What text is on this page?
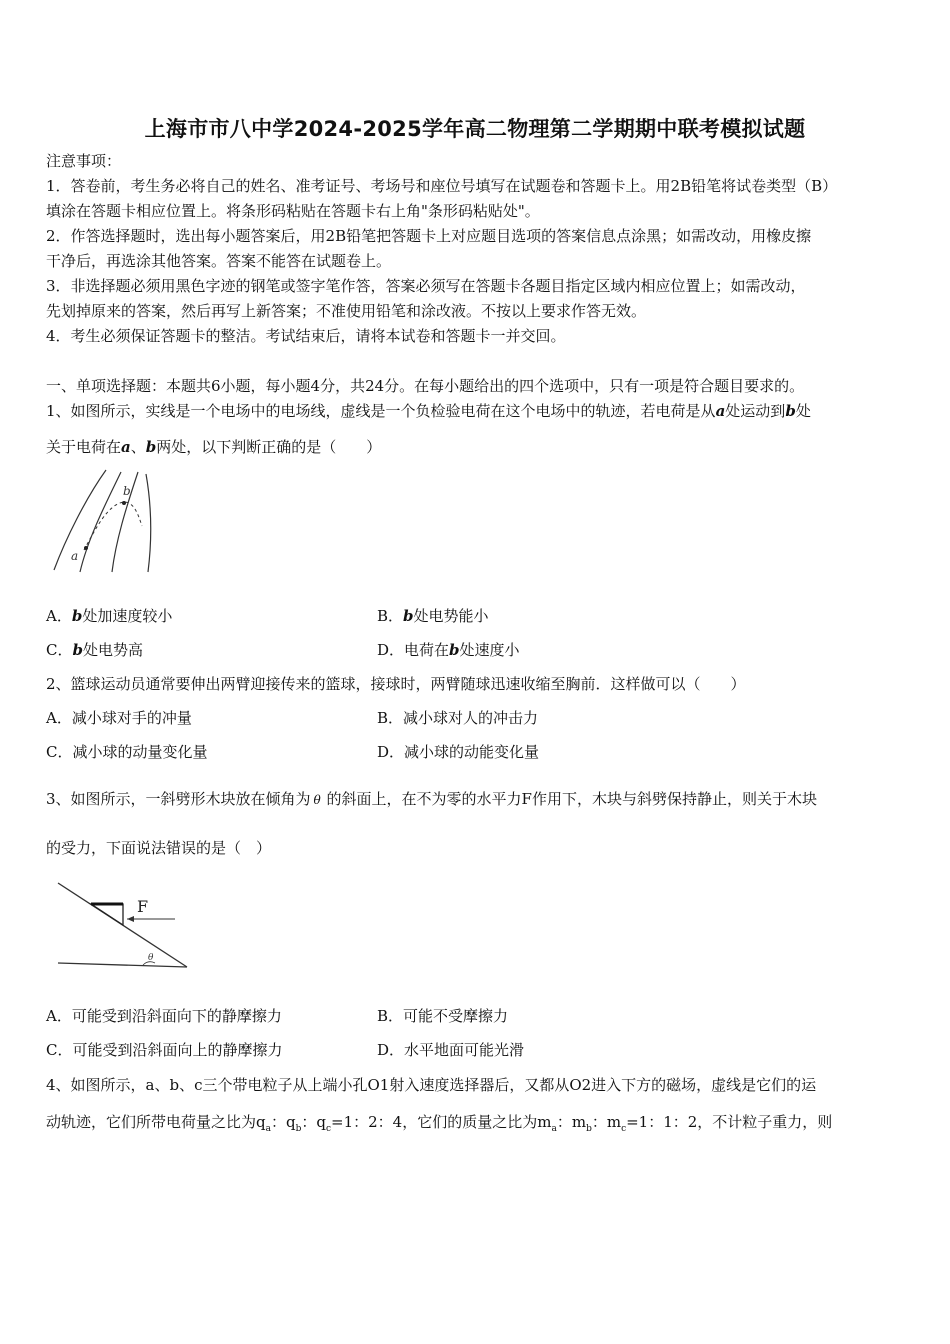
上海市市八中学2024-2025学年高二物理第二学期期中联考模拟试题
注意事项：
1．答卷前，考生务必将自己的姓名、准考证号、考场号和座位号填写在试题卷和答题卡上。用2B铅笔将试卷类型（B）
填涂在答题卡相应位置上。将条形码粘贴在答题卡右上角"条形码粘贴处"。
2．作答选择题时，选出每小题答案后，用2B铅笔把答题卡上对应题目选项的答案信息点涂黑；如需改动，用橡皮擦
干净后，再选涂其他答案。答案不能答在试题卷上。
3．非选择题必须用黑色字迹的钢笔或签字笔作答，答案必须写在答题卡各题目指定区域内相应位置上；如需改动，
先划掉原来的答案，然后再写上新答案；不准使用铅笔和涂改液。不按以上要求作答无效。
4．考生必须保证答题卡的整洁。考试结束后，请将本试卷和答题卡一并交回。
一、单项选择题：本题共6小题，每小题4分，共24分。在每小题给出的四个选项中，只有一项是符合题目要求的。
1、如图所示，实线是一个电场中的电场线，虚线是一个负检验电荷在这个电场中的轨迹，若电荷是从a处运动到b处
关于电荷在a、b两处，以下判断正确的是（　　）
a
b
A．b处加速度较小	B．b处电势能小
C．b处电势高	D．电荷在b处速度小
2、篮球运动员通常要伸出两臂迎接传来的篮球，接球时，两臂随球迅速收缩至胸前．这样做可以（　　）
A．减小球对手的冲量	B．减小球对人的冲击力
C．减小球的动量变化量	D．减小球的动能变化量
3、如图所示，一斜劈形木块放在倾角为 θ 的斜面上，在不为零的水平力F作用下，木块与斜劈保持静止，则关于木块
的受力，下面说法错误的是（　）
F
θ
A．可能受到沿斜面向下的静摩擦力	B．可能不受摩擦力
C．可能受到沿斜面向上的静摩擦力	D．水平地面可能光滑
4、如图所示，a、b、c三个带电粒子从上端小孔O1射入速度选择器后，又都从O2进入下方的磁场，虚线是它们的运
动轨迹，它们所带电荷量之比为$q_a$：$q_b$：$q_c=1$：2：4，它们的质量之比为$m_a$：$m_b$：$m_c=1$：1：2，不计粒子重力，则
